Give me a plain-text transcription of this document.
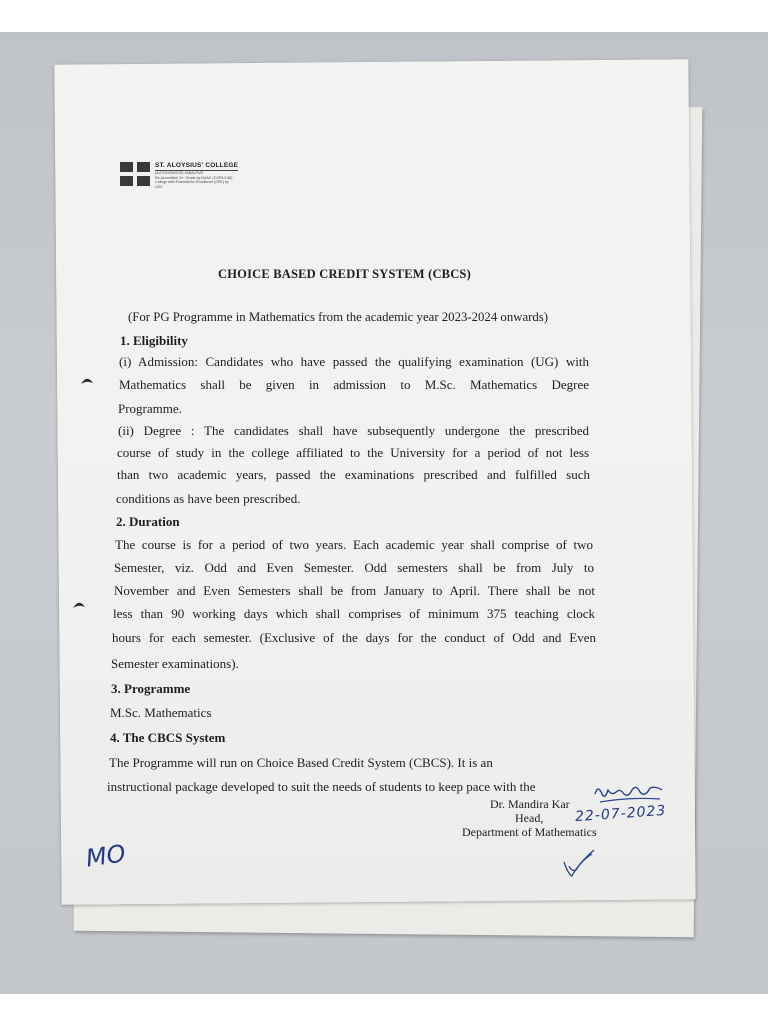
ST. ALOYSIUS' COLLEGE
(AUTONOMOUS) JABALPUR
Re-Accredited 'A+' Grade by NAAC (CGPA 3.68) College with Potential for Excellence (CPE) by UGC
CHOICE BASED CREDIT SYSTEM (CBCS)
(For PG Programme in Mathematics from the academic year 2023-2024 onwards)
1. Eligibility
(i) Admission: Candidates who have passed the qualifying examination (UG) with
Mathematics shall be given in admission to M.Sc. Mathematics Degree
Programme.
(ii) Degree : The candidates shall have subsequently undergone the prescribed
course of study in the college affiliated to the University for a period of not less
than two academic years, passed the examinations prescribed and fulfilled such
conditions as have been prescribed.
2. Duration
The course is for a period of two years. Each academic year shall comprise of two
Semester, viz. Odd and Even Semester. Odd semesters shall be from July to
November and Even Semesters shall be from January to April. There shall be not
less than 90 working days which shall comprises of minimum 375 teaching clock
hours for each semester. (Exclusive of the days for the conduct of Odd and Even
Semester examinations).
3. Programme
M.Sc. Mathematics
4. The CBCS System
The Programme will run on Choice Based Credit System (CBCS). It is an
instructional package developed to suit the needs of students to keep pace with the
Dr. Mandira Kar
Head,
Department of Mathematics
22-07-2023
MO
